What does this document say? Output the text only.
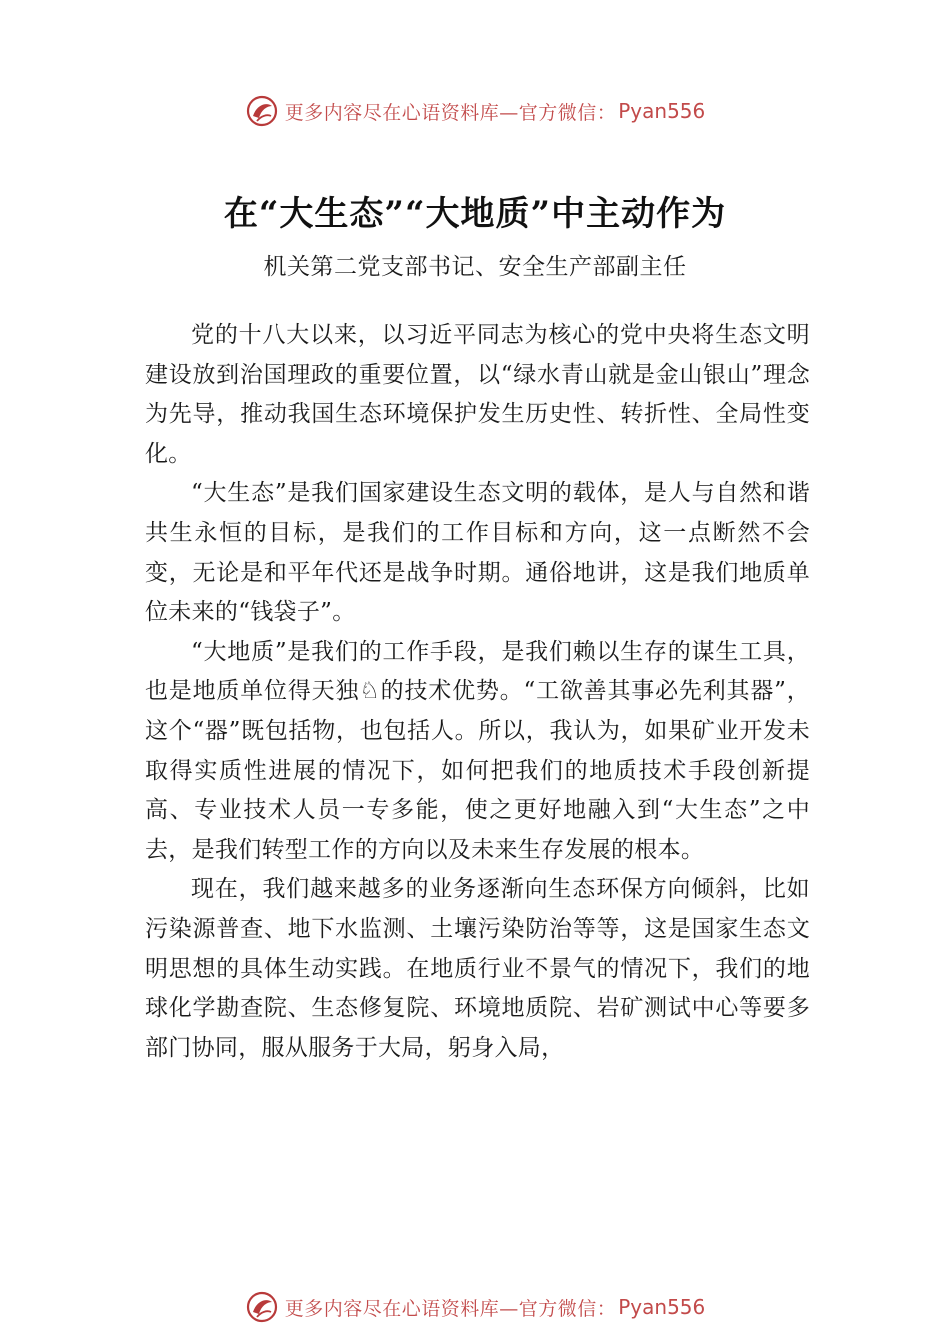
更多内容尽在心语资料库—官方微信： Pyan556
在“大生态”“大地质”中主动作为

机关第二党支部书记、安全生产部副主任

党的十八大以来，以习近平同志为核心的党中央将生态文明建设放到治国理政的重要位置，以“绿水青山就是金山银山”理念为先导，推动我国生态环境保护发生历史性、转折性、全局性变化。

“大生态”是我们国家建设生态文明的载体，是人与自然和谐共生永恒的目标，是我们的工作目标和方向，这一点断然不会变，无论是和平年代还是战争时期。通俗地讲，这是我们地质单位未来的“钱袋子”。

“大地质”是我们的工作手段，是我们赖以生存的谋生工具，也是地质单位得天独♘的技术优势。“工欲善其事必先利其器”，这个“器”既包括物，也包括人。所以，我认为，如果矿业开发未取得实质性进展的情况下，如何把我们的地质技术手段创新提高、专业技术人员一专多能，使之更好地融入到“大生态”之中去，是我们转型工作的方向以及未来生存发展的根本。

现在，我们越来越多的业务逐渐向生态环保方向倾斜，比如污染源普查、地下水监测、土壤污染防治等等，这是国家生态文明思想的具体生动实践。在地质行业不景气的情况下，我们的地球化学勘查院、生态修复院、环境地质院、岩矿测试中心等要多部门协同，服从服务于大局，躬身入局，

更多内容尽在心语资料库—官方微信： Pyan556
